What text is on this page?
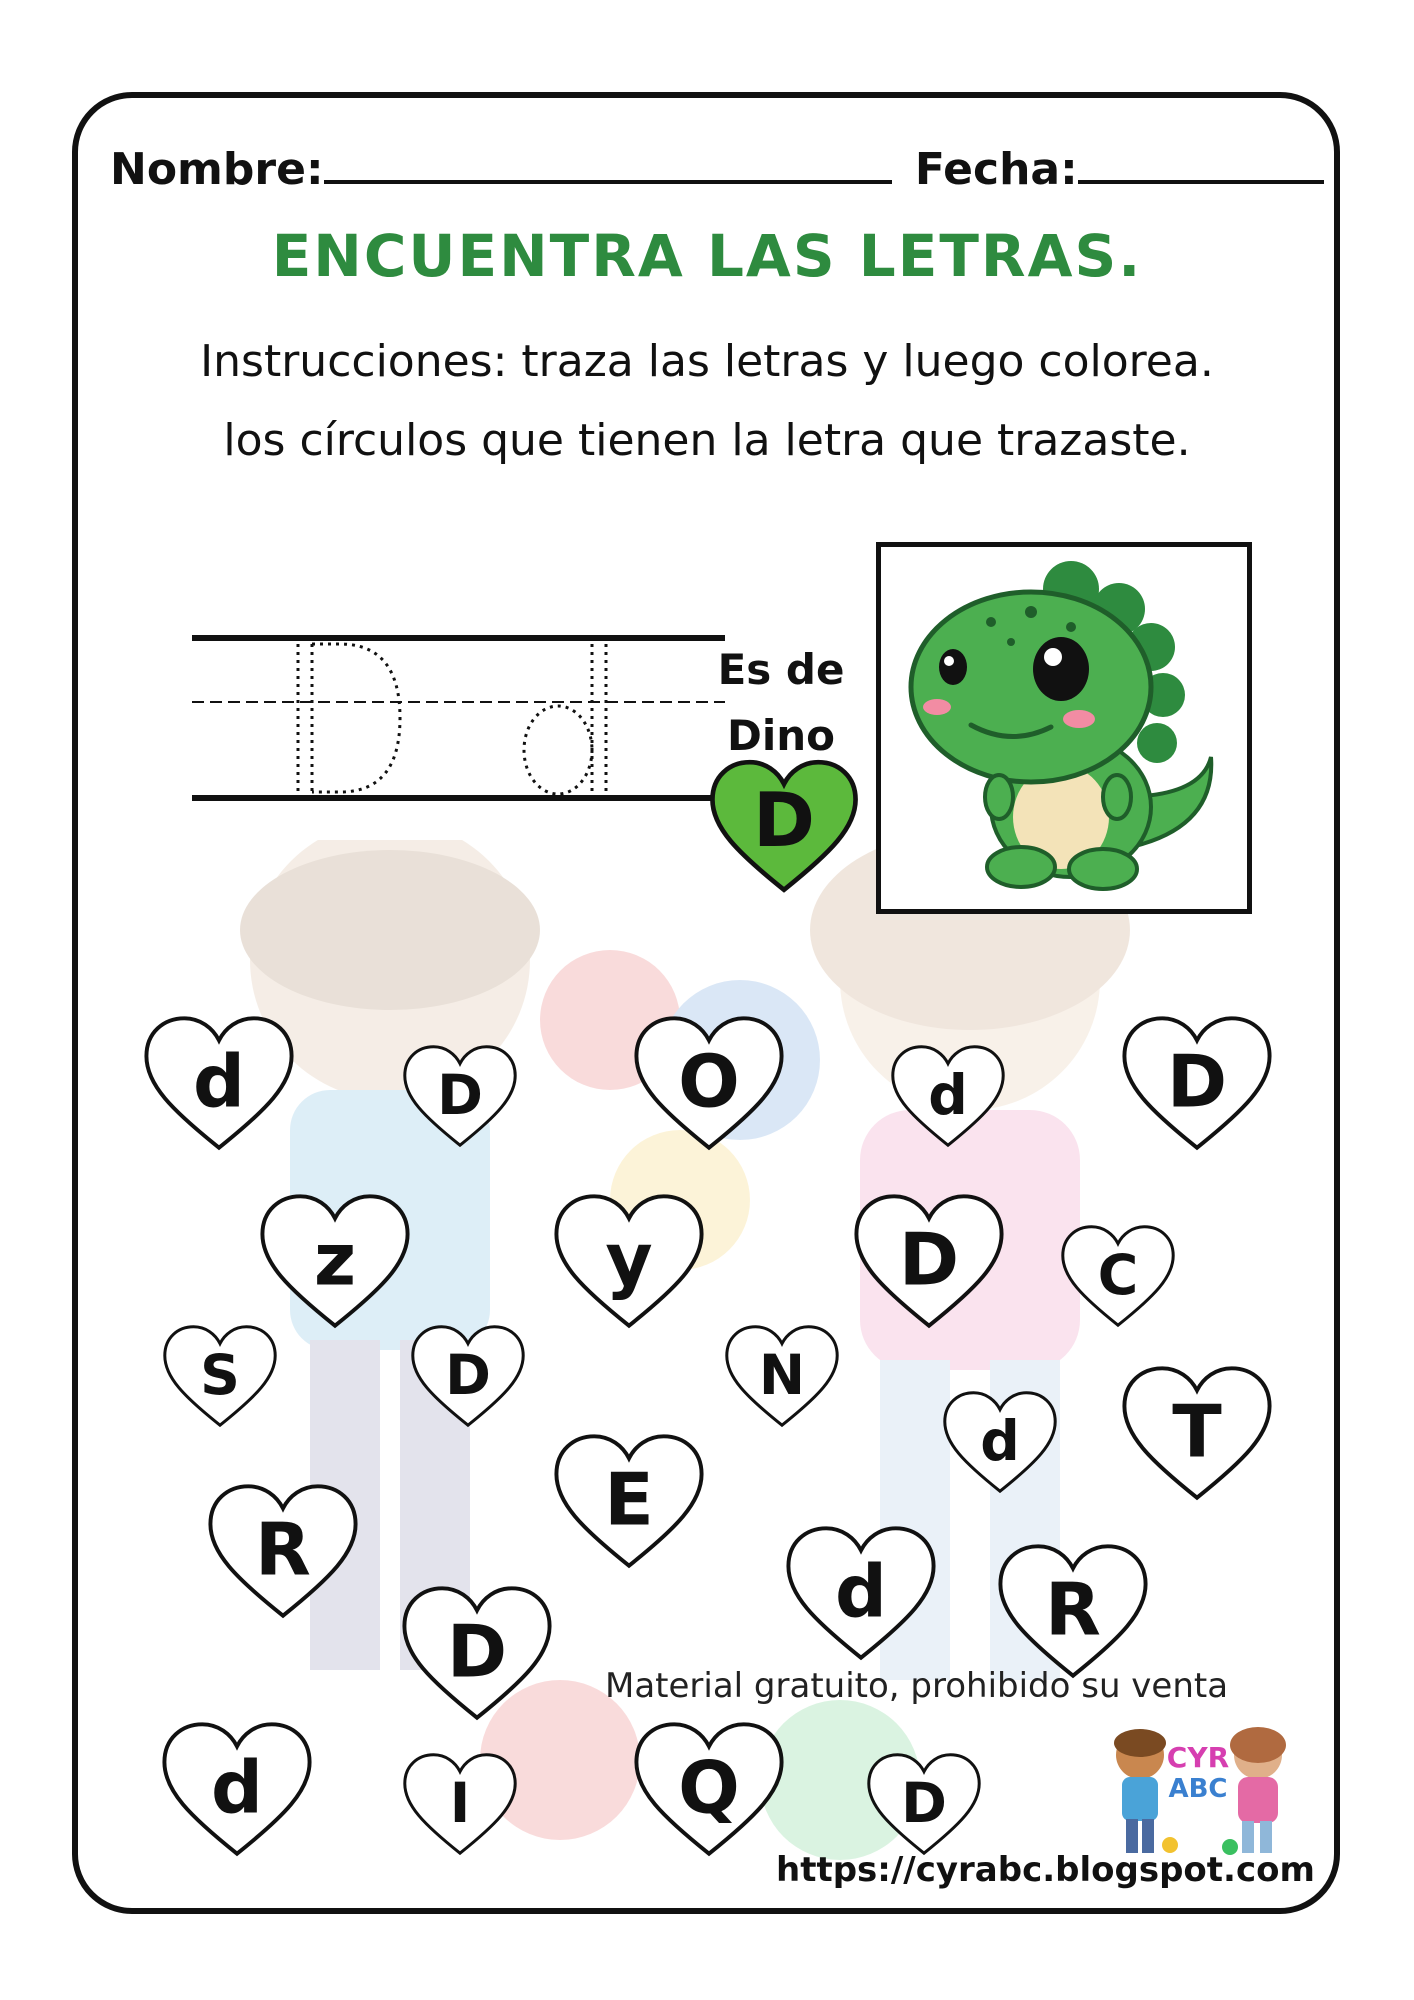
Nombre:	Fecha:
ENCUENTRA LAS LETRAS.
Instrucciones: traza las letras y luego colorea.
los círculos que tienen la letra que trazaste.
Es de
Dino
D
d	D	O	d	D
z	y	D	C
S	D	N
d	T
E
R	d	R
D
d	I	Q	D
Material gratuito, prohibido su venta
CYR
ABC
https://cyrabc.blogspot.com
